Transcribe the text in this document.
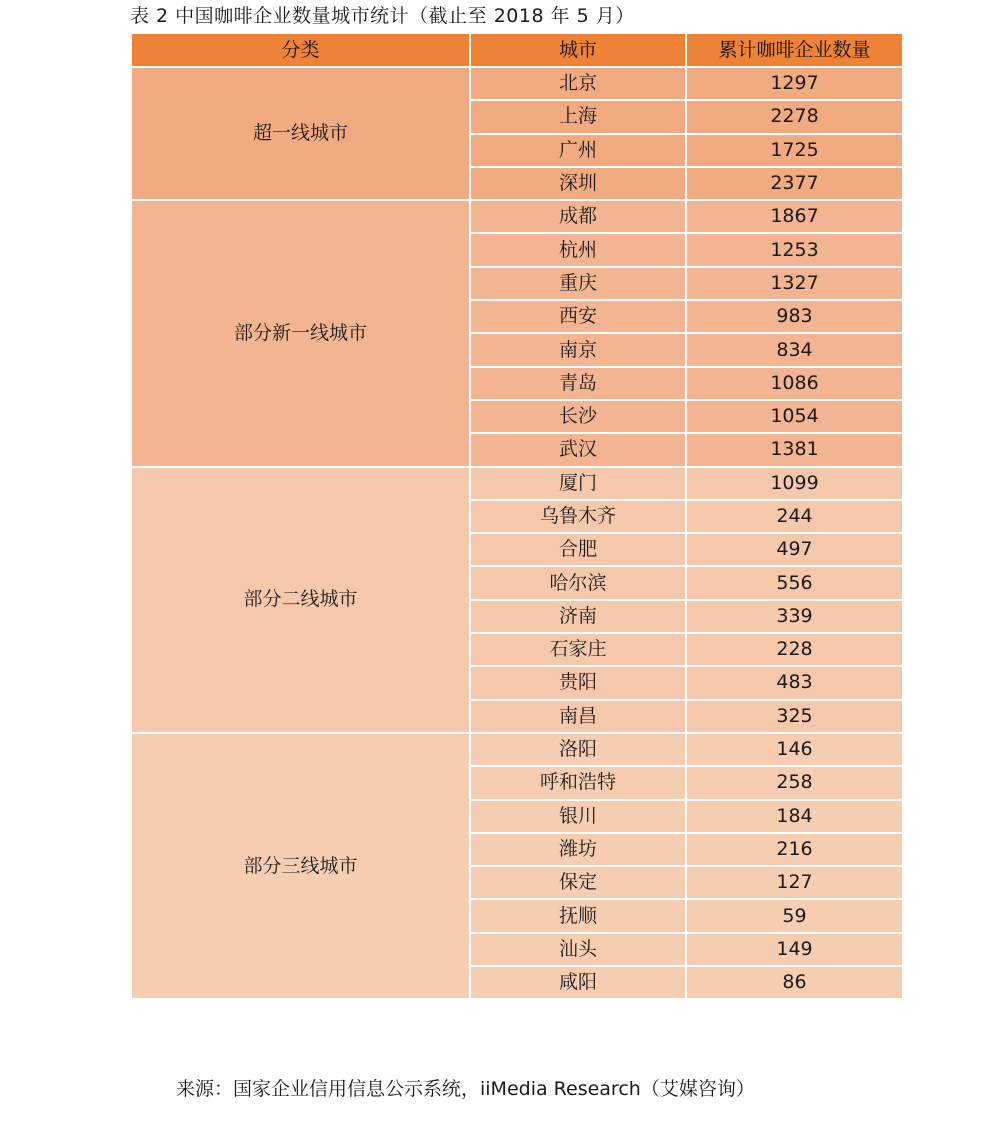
表 2 中国咖啡企业数量城市统计（截止至 2018 年 5 月）
分类	城市	累计咖啡企业数量
超一线城市	北京	1297
	上海	2278
	广州	1725
	深圳	2377
部分新一线城市	成都	1867
	杭州	1253
	重庆	1327
	西安	983
	南京	834
	青岛	1086
	长沙	1054
	武汉	1381
部分二线城市	厦门	1099
	乌鲁木齐	244
	合肥	497
	哈尔滨	556
	济南	339
	石家庄	228
	贵阳	483
	南昌	325
部分三线城市	洛阳	146
	呼和浩特	258
	银川	184
	潍坊	216
	保定	127
	抚顺	59
	汕头	149
	咸阳	86
来源：国家企业信用信息公示系统，iiMedia Research（艾媒咨询）
